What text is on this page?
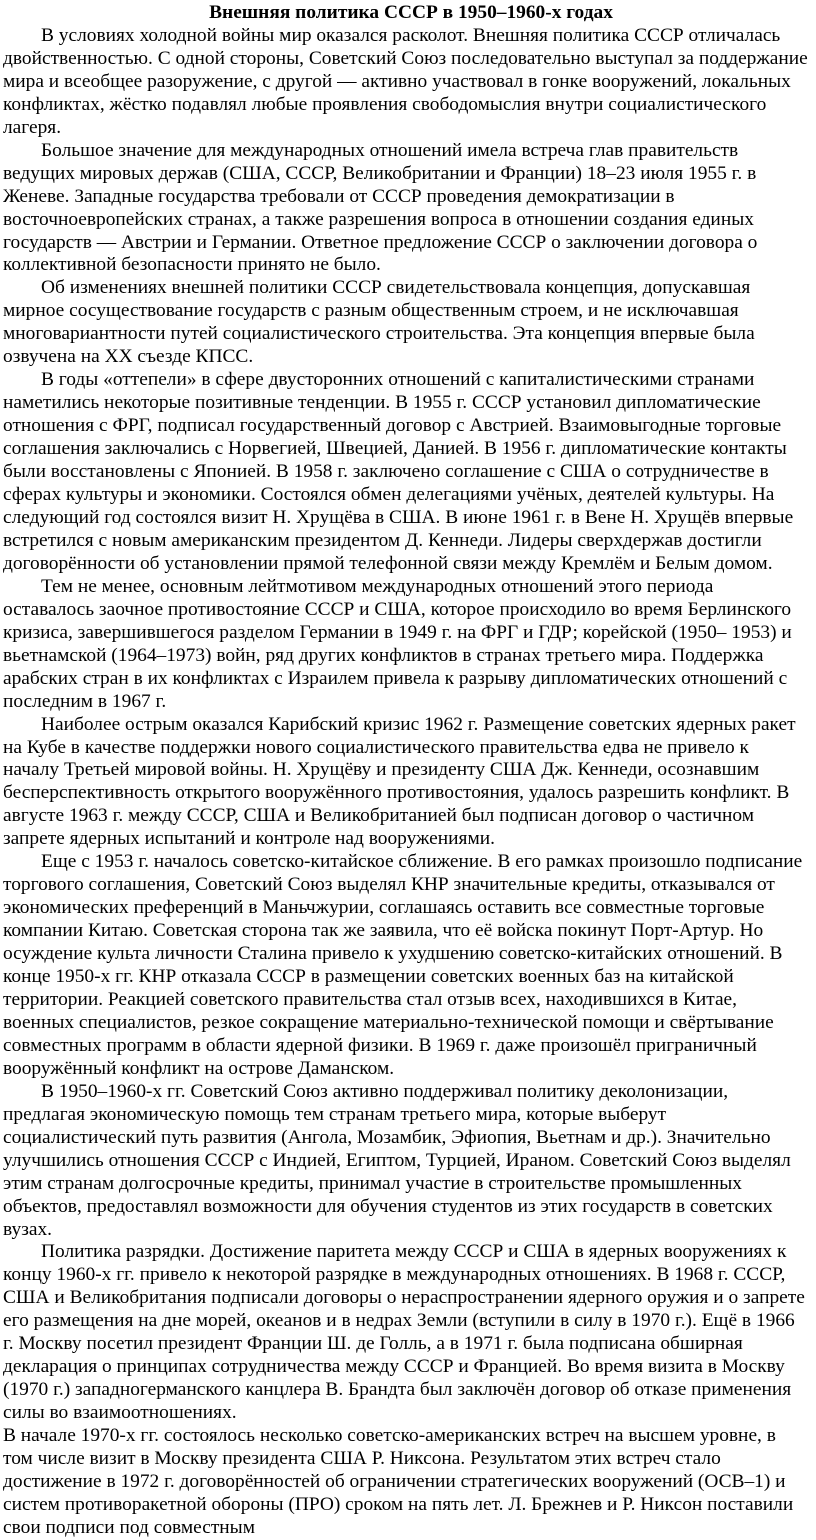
Внешняя политика СССР в 1950–1960-х годах

В условиях холодной войны мир оказался расколот. Внешняя политика СССР отличалась двойственностью. С одной стороны, Советский Союз последовательно выступал за поддержание мира и всеобщее разоружение, с другой — активно участвовал в гонке вооружений, локальных конфликтах, жёстко подавлял любые проявления свободомыслия внутри социалистического лагеря.

Большое значение для международных отношений имела встреча глав правительств ведущих мировых держав (США, СССР, Великобритании и Франции) 18–23 июля 1955 г. в Женеве. Западные государства требовали от СССР проведения демократизации в восточноевропейских странах, а также разрешения вопроса в отношении создания единых государств — Австрии и Германии. Ответное предложение СССР о заключении договора о коллективной безопасности принято не было.

Об изменениях внешней политики СССР свидетельствовала концепция, допускавшая мирное сосуществование государств с разным общественным строем, и не исключавшая многовариантности путей социалистического строительства. Эта концепция впервые была озвучена на XX съезде КПСС.

В годы «оттепели» в сфере двусторонних отношений с капиталистическими странами наметились некоторые позитивные тенденции. В 1955 г. СССР установил дипломатические отношения с ФРГ, подписал государственный договор с Австрией. Взаимовыгодные торговые соглашения заключались с Норвегией, Швецией, Данией. В 1956 г. дипломатические контакты были восстановлены с Японией. В 1958 г. заключено соглашение с США о сотрудничестве в сферах культуры и экономики. Состоялся обмен делегациями учёных, деятелей культуры. На следующий год состоялся визит Н. Хрущёва в США. В июне 1961 г. в Вене Н. Хрущёв впервые встретился с новым американским президентом Д. Кеннеди. Лидеры сверхдержав достигли договорённости об установлении прямой телефонной связи между Кремлём и Белым домом.

Тем не менее, основным лейтмотивом международных отношений этого периода оставалось заочное противостояние СССР и США, которое происходило во время Берлинского кризиса, завершившегося разделом Германии в 1949 г. на ФРГ и ГДР; корейской (1950– 1953) и вьетнамской (1964–1973) войн, ряд других конфликтов в странах третьего мира. Поддержка арабских стран в их конфликтах с Израилем привела к разрыву дипломатических отношений с последним в 1967 г.

Наиболее острым оказался Карибский кризис 1962 г. Размещение советских ядерных ракет на Кубе в качестве поддержки нового социалистического правительства едва не привело к началу Третьей мировой войны. Н. Хрущёву и президенту США Дж. Кеннеди, осознавшим бесперспективность открытого вооружённого противостояния, удалось разрешить конфликт. В августе 1963 г. между СССР, США и Великобританией был подписан договор о частичном запрете ядерных испытаний и контроле над вооружениями.

Еще с 1953 г. началось советско-китайское сближение. В его рамках произошло подписание торгового соглашения, Советский Союз выделял КНР значительные кредиты, отказывался от экономических преференций в Маньчжурии, соглашаясь оставить все совместные торговые компании Китаю. Советская сторона так же заявила, что её войска покинут Порт-Артур. Но осуждение культа личности Сталина привело к ухудшению советско-китайских отношений. В конце 1950-х гг. КНР отказала СССР в размещении советских военных баз на китайской территории. Реакцией советского правительства стал отзыв всех, находившихся в Китае, военных специалистов, резкое сокращение материально-технической помощи и свёртывание совместных программ в области ядерной физики. В 1969 г. даже произошёл приграничный вооружённый конфликт на острове Даманском.

В 1950–1960-х гг. Советский Союз активно поддерживал политику деколонизации, предлагая экономическую помощь тем странам третьего мира, которые выберут социалистический путь развития (Ангола, Мозамбик, Эфиопия, Вьетнам и др.). Значительно улучшились отношения СССР с Индией, Египтом, Турцией, Ираном. Советский Союз выделял этим странам долгосрочные кредиты, принимал участие в строительстве промышленных объектов, предоставлял возможности для обучения студентов из этих государств в советских вузах.

Политика разрядки. Достижение паритета между СССР и США в ядерных вооружениях к концу 1960-х гг. привело к некоторой разрядке в международных отношениях. В 1968 г. СССР, США и Великобритания подписали договоры о нераспространении ядерного оружия и о запрете его размещения на дне морей, океанов и в недрах Земли (вступили в силу в 1970 г.). Ещё в 1966 г. Москву посетил президент Франции Ш. де Голль, а в 1971 г. была подписана обширная декларация о принципах сотрудничества между СССР и Францией. Во время визита в Москву (1970 г.) западногерманского канцлера В. Брандта был заключён договор об отказе применения силы во взаимоотношениях.

В начале 1970-х гг. состоялось несколько советско-американских встреч на высшем уровне, в том числе визит в Москву президента США Р. Никсона. Результатом этих встреч стало достижение в 1972 г. договорённостей об ограничении стратегических вооружений (ОСВ–1) и систем противоракетной обороны (ПРО) сроком на пять лет. Л. Брежнев и Р. Никсон поставили свои подписи под совместным
